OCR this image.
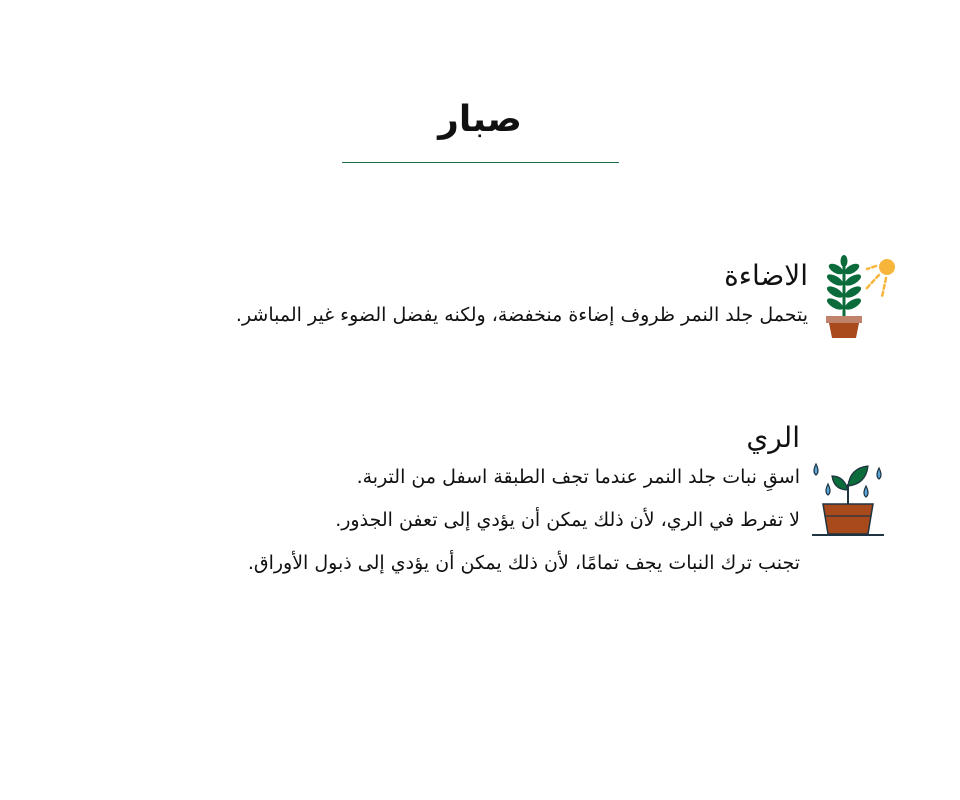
صبار
الاضاءة

يتحمل جلد النمر ظروف إضاءة منخفضة، ولكنه يفضل الضوء غير المباشر.

الري

اسقِ نبات جلد النمر عندما تجف الطبقة اسفل من التربة.

لا تفرط في الري، لأن ذلك يمكن أن يؤدي إلى تعفن الجذور.

تجنب ترك النبات يجف تمامًا، لأن ذلك يمكن أن يؤدي إلى ذبول الأوراق.
